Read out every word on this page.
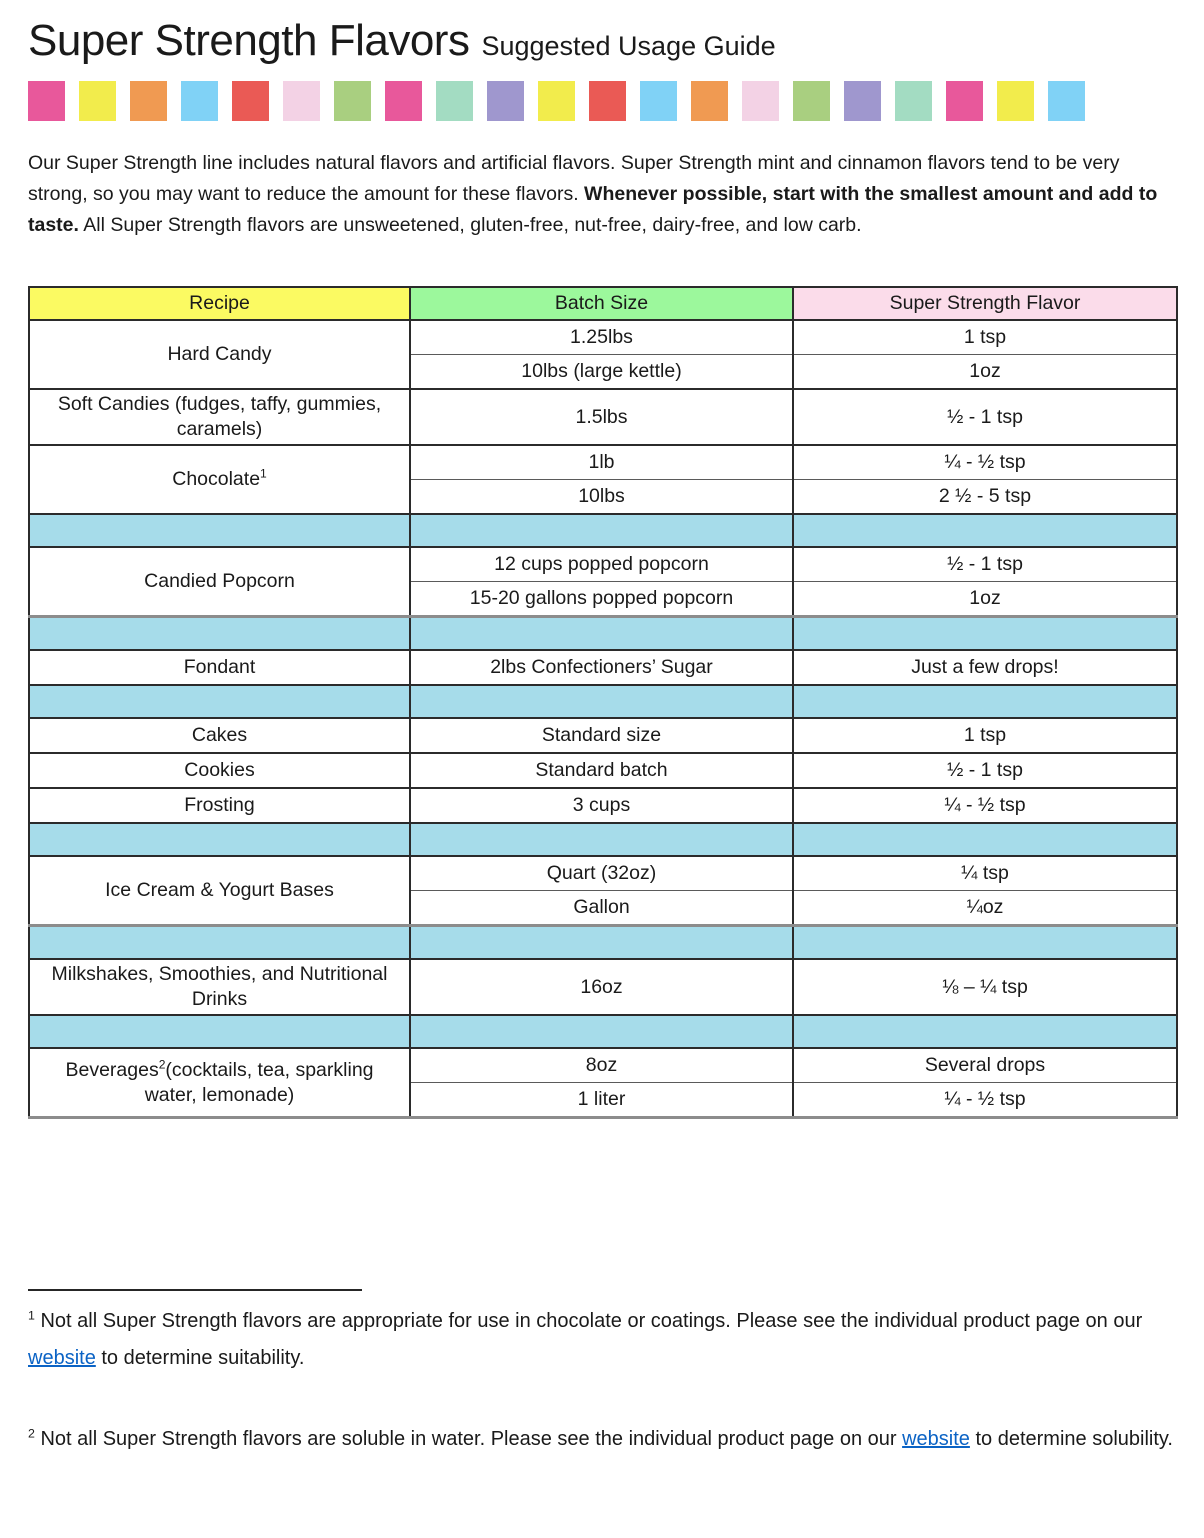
Super Strength Flavors Suggested Usage Guide

Our Super Strength line includes natural flavors and artificial flavors. Super Strength mint and cinnamon flavors tend to be very strong, so you may want to reduce the amount for these flavors. Whenever possible, start with the smallest amount and add to taste. All Super Strength flavors are unsweetened, gluten-free, nut-free, dairy-free, and low carb.

Recipe	Batch Size	Super Strength Flavor
Hard Candy	1.25lbs	1 tsp
	10lbs (large kettle)	1oz
Soft Candies (fudges, taffy, gummies, caramels)	1.5lbs	½ - 1 tsp
Chocolate$^1$	1lb	¼ - ½ tsp
	10lbs	2 ½ - 5 tsp

Candied Popcorn	12 cups popped popcorn	½ - 1 tsp
	15-20 gallons popped popcorn	1oz

Fondant	2lbs Confectioners’ Sugar	Just a few drops!

Cakes	Standard size	1 tsp
Cookies	Standard batch	½ - 1 tsp
Frosting	3 cups	¼ - ½ tsp

Ice Cream & Yogurt Bases	Quart (32oz)	¼ tsp
	Gallon	¼oz

Milkshakes, Smoothies, and Nutritional Drinks	16oz	⅛ – ¼ tsp

Beverages$^2$(cocktails, tea, sparkling water, lemonade)	8oz	Several drops
	1 liter	¼ - ½ tsp

$^1$ Not all Super Strength flavors are appropriate for use in chocolate or coatings. Please see the individual product page on our website to determine suitability.

$^2$ Not all Super Strength flavors are soluble in water. Please see the individual product page on our website to determine solubility.
